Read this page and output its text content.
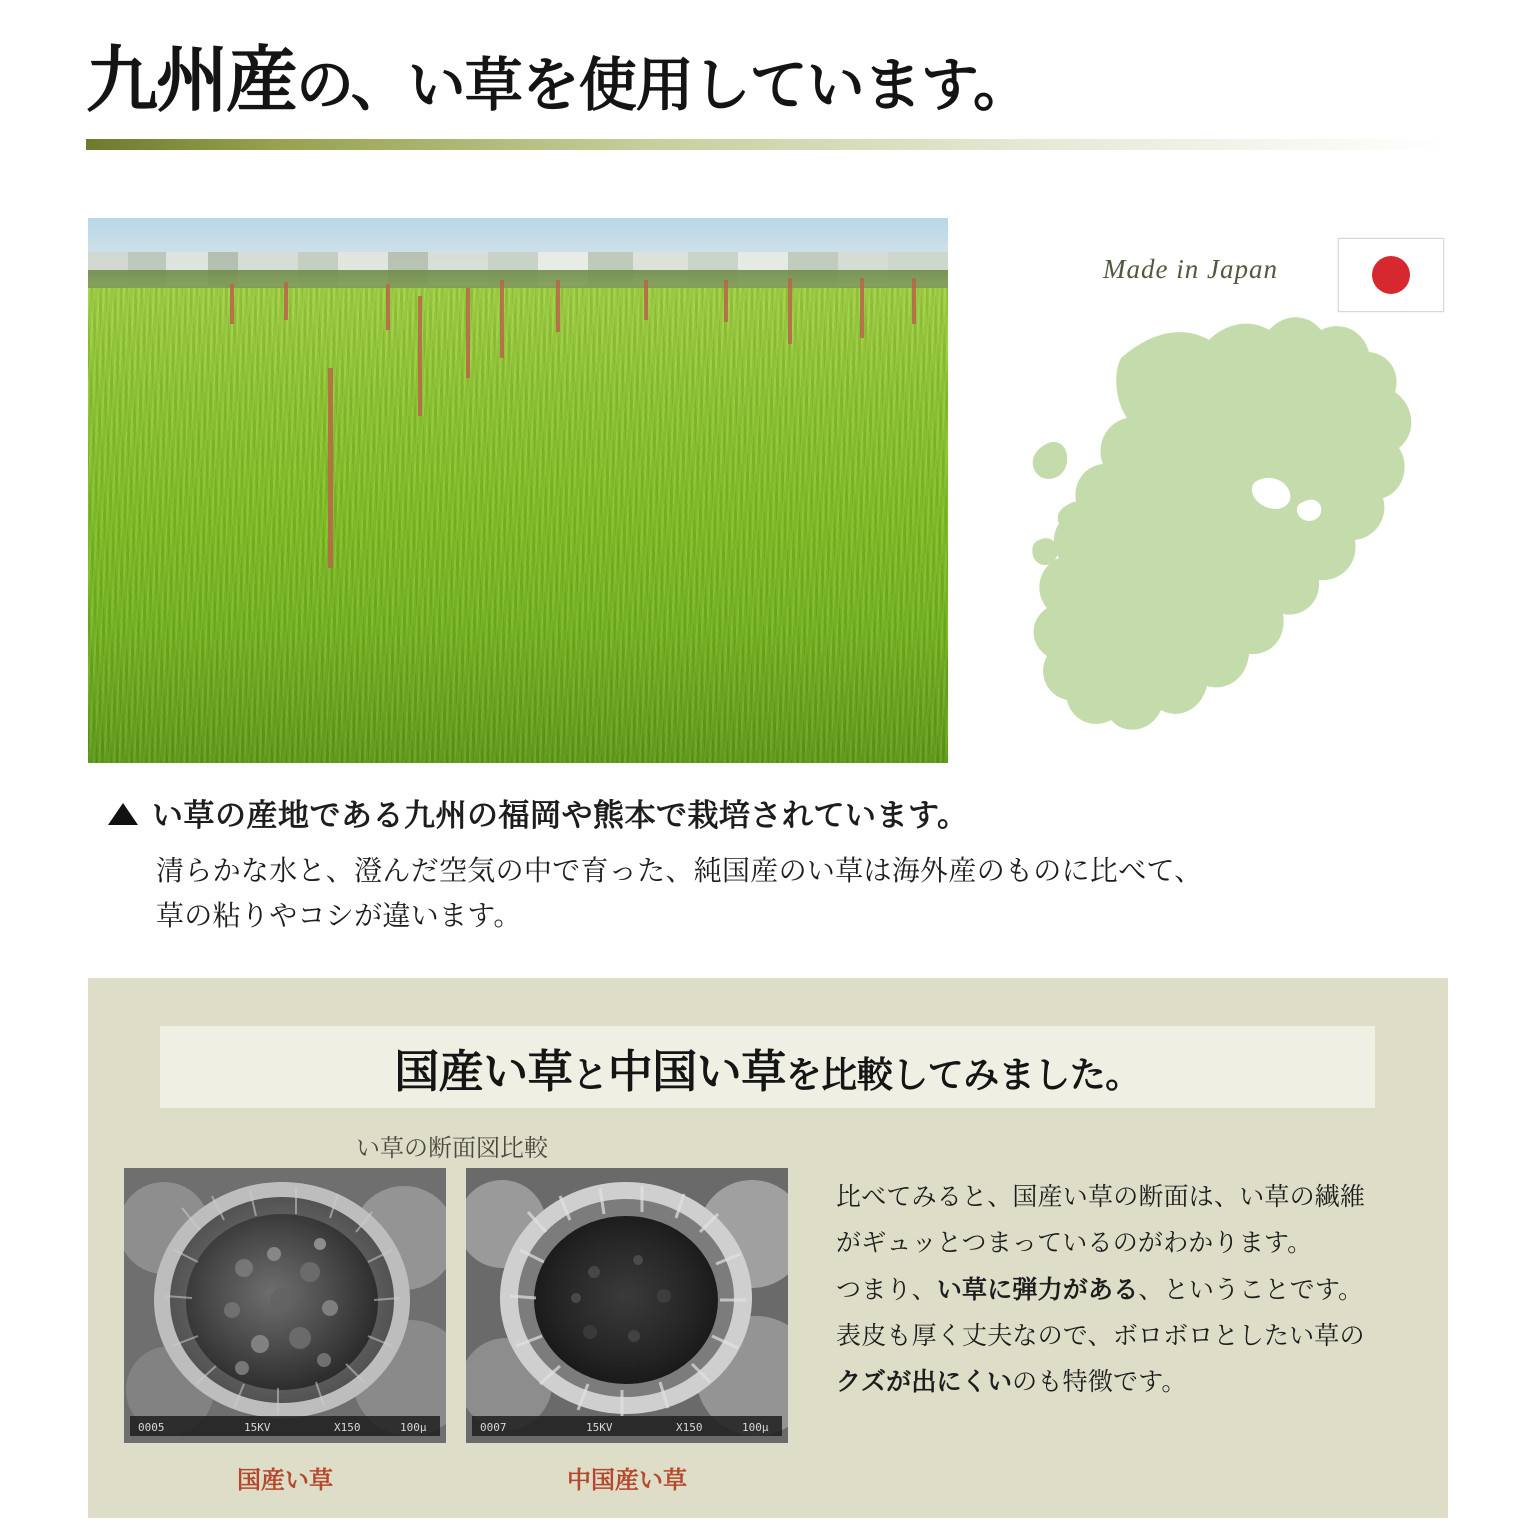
九州産の、い草を使用しています。
Made in Japan
い草の産地である九州の福岡や熊本で栽培されています。
清らかな水と、澄んだ空気の中で育った、純国産のい草は海外産のものに比べて、
草の粘りやコシが違います。
国産い草と中国い草を比較してみました。
い草の断面図比較
0005	15KV	X150	100μ	0007	15KV	X150	100μ
国産い草	中国産い草
比べてみると、国産い草の断面は、い草の繊維
がギュッとつまっているのがわかります。
つまり、い草に弾力がある、ということです。
表皮も厚く丈夫なので、ボロボロとしたい草の
クズが出にくいのも特徴です。
